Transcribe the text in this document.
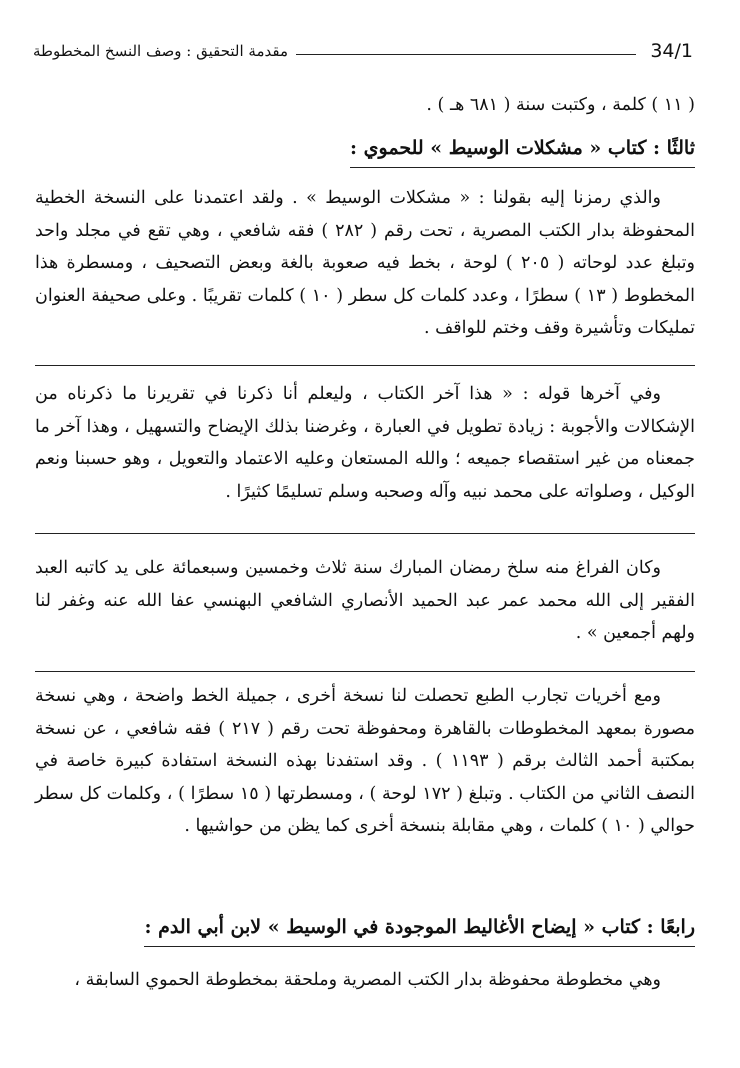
34/1
مقدمة التحقيق : وصف النسخ المخطوطة

( ١١ ) كلمة ، وكتبت سنة ( ٦٨١ هـ ) .

ثالثًا : كتاب « مشكلات الوسيط » للحموي :

والذي رمزنا إليه بقولنا : « مشكلات الوسيط » . ولقد اعتمدنا على النسخة الخطية المحفوظة بدار الكتب المصرية ، تحت رقم ( ٢٨٢ ) فقه شافعي ، وهي تقع في مجلد واحد وتبلغ عدد لوحاته ( ٢٠٥ ) لوحة ، بخط فيه صعوبة بالغة وبعض التصحيف ، ومسطرة هذا المخطوط ( ١٣ ) سطرًا ، وعدد كلمات كل سطر ( ١٠ ) كلمات تقريبًا . وعلى صحيفة العنوان تمليكات وتأشيرة وقف وختم للواقف .

وفي آخرها قوله : « هذا آخر الكتاب ، وليعلم أنا ذكرنا في تقريرنا ما ذكرناه من الإشكالات والأجوبة : زيادة تطويل في العبارة ، وغرضنا بذلك الإيضاح والتسهيل ، وهذا آخر ما جمعناه من غير استقصاء جميعه ؛ والله المستعان وعليه الاعتماد والتعويل ، وهو حسبنا ونعم الوكيل ، وصلواته على محمد نبيه وآله وصحبه وسلم تسليمًا كثيرًا .

وكان الفراغ منه سلخ رمضان المبارك سنة ثلاث وخمسين وسبعمائة على يد كاتبه العبد الفقير إلى الله محمد عمر عبد الحميد الأنصاري الشافعي البهنسي عفا الله عنه وغفر لنا ولهم أجمعين » .

ومع أخريات تجارب الطبع تحصلت لنا نسخة أخرى ، جميلة الخط واضحة ، وهي نسخة مصورة بمعهد المخطوطات بالقاهرة ومحفوظة تحت رقم ( ٢١٧ ) فقه شافعي ، عن نسخة بمكتبة أحمد الثالث برقم ( ١١٩٣ ) . وقد استفدنا بهذه النسخة استفادة كبيرة خاصة في النصف الثاني من الكتاب . وتبلغ ( ١٧٢ لوحة ) ، ومسطرتها ( ١٥ سطرًا ) ، وكلمات كل سطر حوالي ( ١٠ ) كلمات ، وهي مقابلة بنسخة أخرى كما يظن من حواشيها .

رابعًا : كتاب « إيضاح الأغاليط الموجودة في الوسيط » لابن أبي الدم :

وهي مخطوطة محفوظة بدار الكتب المصرية وملحقة بمخطوطة الحموي السابقة ،
